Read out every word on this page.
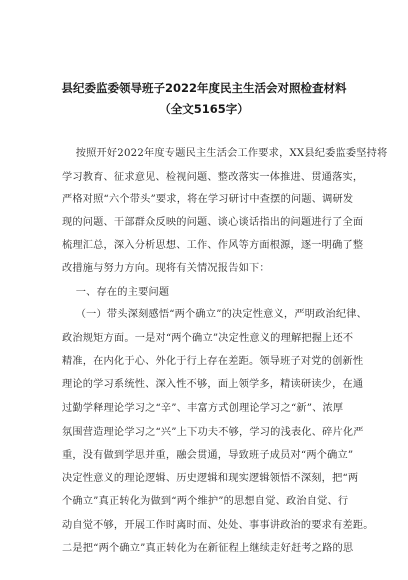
县纪委监委领导班子2022年度民主生活会对照检查材料
（全文5165字）
按照开好2022年度专题民主生活会工作要求，XX县纪委监委坚持将
学习教育、征求意见、检视问题、整改落实一体推进、贯通落实，
严格对照“六个带头”要求，将在学习研讨中查摆的问题、调研发
现的问题、干部群众反映的问题、谈心谈话指出的问题进行了全面
梳理汇总，深入分析思想、工作、作风等方面根源，逐一明确了整
改措施与努力方向。现将有关情况报告如下：
一、存在的主要问题
（一）带头深刻感悟“两个确立”的决定性意义，严明政治纪律、
政治规矩方面。一是对“两个确立”决定性意义的理解把握上还不
精准，在内化于心、外化于行上存在差距。领导班子对党的创新性
理论的学习系统性、深入性不够，面上领学多，精读研读少，在通
过勤学释理论学习之“辛”、丰富方式创理论学习之“新”、浓厚
氛围营造理论学习之“兴”上下功夫不够，学习的浅表化、碎片化严
重，没有做到学思并重，融会贯通，导致班子成员对“两个确立”
决定性意义的理论逻辑、历史逻辑和现实逻辑领悟不深刻，把“两
个确立”真正转化为做到“两个维护”的思想自觉、政治自觉、行
动自觉不够，开展工作时离时而、处处、事事讲政治的要求有差距。
二是把“两个确立”真正转化为在新征程上继续走好赶考之路的思
